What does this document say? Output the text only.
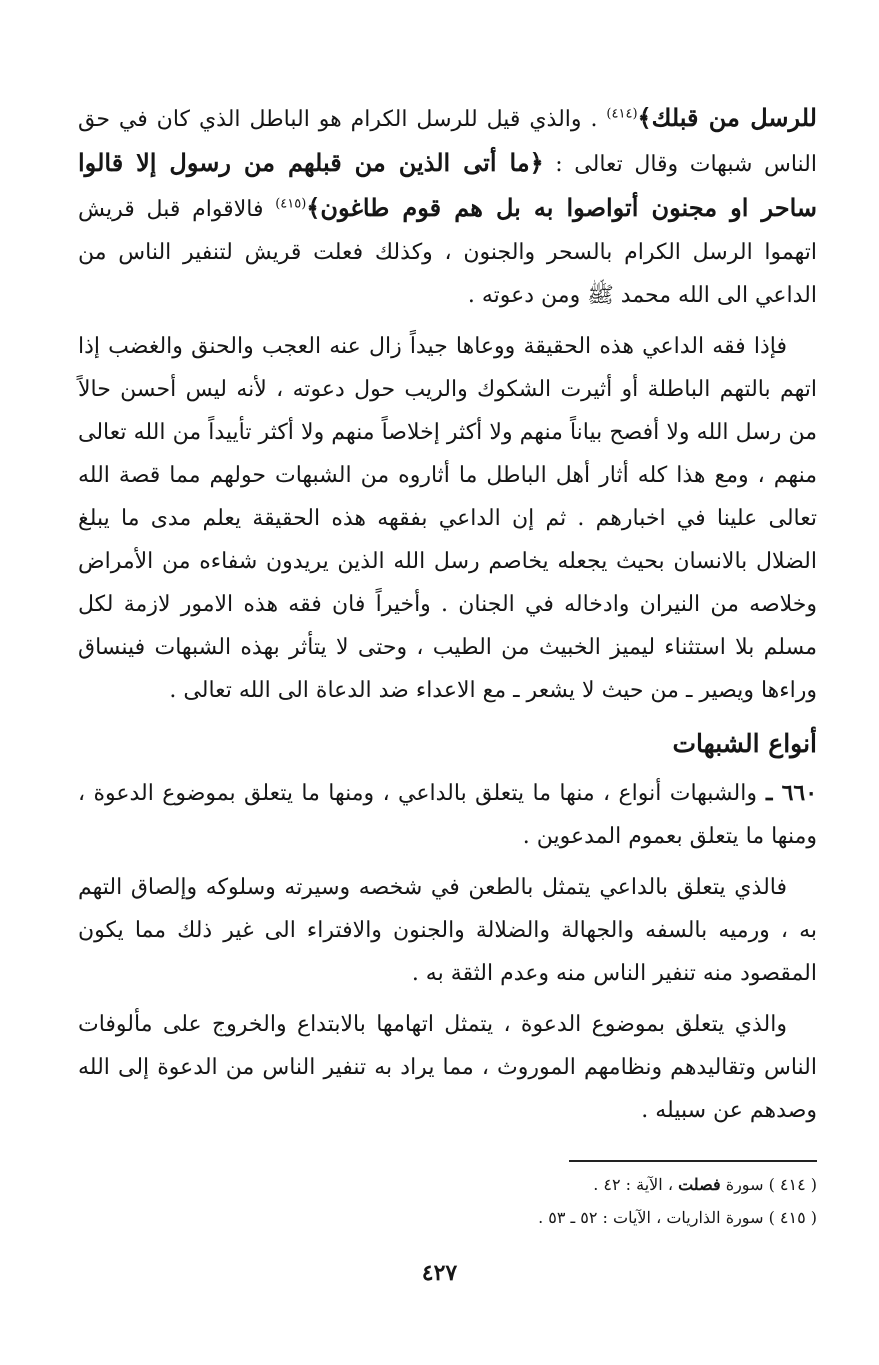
للرسل من قبلك﴾$^{(٤١٤)}$ . والذي قيل للرسل الكرام هو الباطل الذي كان في حق الناس شبهات وقال تعالى : ﴿ما أتى الذين من قبلهم من رسول إلا قالوا ساحر او مجنون أتواصوا به بل هم قوم طاغون﴾$^{(٤١٥)}$ فالاقوام قبل قريش اتهموا الرسل الكرام بالسحر والجنون ، وكذلك فعلت قريش لتنفير الناس من الداعي الى الله محمد ﷺ ومن دعوته .

فإذا فقه الداعي هذه الحقيقة ووعاها جيداً زال عنه العجب والحنق والغضب إذا اتهم بالتهم الباطلة أو أثيرت الشكوك والريب حول دعوته ، لأنه ليس أحسن حالاً من رسل الله ولا أفصح بياناً منهم ولا أكثر إخلاصاً منهم ولا أكثر تأييداً من الله تعالى منهم ، ومع هذا كله أثار أهل الباطل ما أثاروه من الشبهات حولهم مما قصة الله تعالى علينا في اخبارهم . ثم إن الداعي بفقهه هذه الحقيقة يعلم مدى ما يبلغ الضلال بالانسان بحيث يجعله يخاصم رسل الله الذين يريدون شفاءه من الأمراض وخلاصه من النيران وادخاله في الجنان . وأخيراً فان فقه هذه الامور لازمة لكل مسلم بلا استثناء ليميز الخبيث من الطيب ، وحتى لا يتأثر بهذه الشبهات فينساق وراءها ويصير ـ من حيث لا يشعر ـ مع الاعداء ضد الدعاة الى الله تعالى .

أنواع الشبهات

٦٦٠ ـ والشبهات أنواع ، منها ما يتعلق بالداعي ، ومنها ما يتعلق بموضوع الدعوة ، ومنها ما يتعلق بعموم المدعوين .

فالذي يتعلق بالداعي يتمثل بالطعن في شخصه وسيرته وسلوكه وإلصاق التهم به ، ورميه بالسفه والجهالة والضلالة والجنون والافتراء الى غير ذلك مما يكون المقصود منه تنفير الناس منه وعدم الثقة به .

والذي يتعلق بموضوع الدعوة ، يتمثل اتهامها بالابتداع والخروج على مألوفات الناس وتقاليدهم ونظامهم الموروث ، مما يراد به تنفير الناس من الدعوة إلى الله وصدهم عن سبيله .

( ٤١٤ ) سورة فصلت ، الآية : ٤٢ .
( ٤١٥ ) سورة الذاريات ، الآيات : ٥٢ ـ ٥٣ .
٤٢٧
